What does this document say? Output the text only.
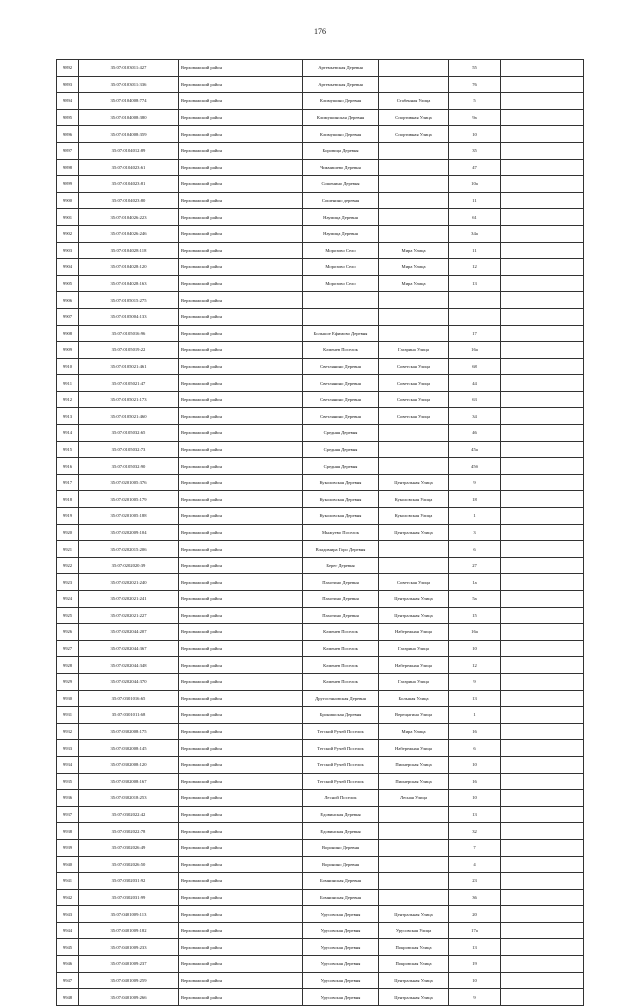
176
9892	35:07:0103011:427	Верховажский район	Артемьевская Деревня		55	
9893	35:07:0103011:336	Верховажский район	Артемьевская Деревня		76	
9894	35:07:0104008:774	Верховажский район	Климушино Деревня	Стабенная Улица	5	
9895	35:07:0104008:380	Верховажский район	Климушинская Деревня	Спортивная Улица	9а	
9896	35:07:0104008:359	Верховажский район	Климушино Деревня	Спортивная Улица	10	
9897	35:07:0104012:89	Верховажский район	Боровица Деревня		35	
9898	35:07:0104023:61	Верховажский район	Чикмишево Деревня		47	
9899	35:07:0104023:81	Верховажский район	Сошенино Деревня		10а	
9900	35:07:0104023:80	Верховажский район	Сошенино деревня		11	
9901	35:07:0104026:223	Верховажский район	Наумица Деревня		61	
9902	35:07:0104026:246	Верховажский район	Наумица Деревня		34а	
9903	35:07:0104028:118	Верховажский район	Морозово Село	Мира Улица	11	
9904	35:07:0104028:120	Верховажский район	Морозово Село	Мира Улица	12	
9905	35:07:0104028:163	Верховажский район	Морозово Село	Мира Улица	13	
9906	35:07:0105015:275	Верховажский район				
9907	35:07:0105004:133	Верховажский район				
9908	35:07:0105016:96	Верховажский район	Большое Ефимово Деревня		17	
9909	35:07:0105019:22	Верховажский район	Клменев Поселок	Гагарина Улица	16а	
9910	35:07:0105021:461	Верховажский район	Светлянино Деревня	Советская Улица	68	
9911	35:07:0105021:47	Верховажский район	Светлянино Деревня	Советская Улица	44	
9912	35:07:0105021:173	Верховажский район	Светлянино Деревня	Советская Улица	63	
9913	35:07:0105021:460	Верховажский район	Светлянино Деревня	Советская Улица	34	
9914	35:07:0105032:65	Верховажский район	Средняя Деревня		46	
9915	35:07:0105032:73	Верховажский район	Средняя Деревня		45а	
9916	35:07:0105032:90	Верховажский район	Средняя Деревня		45б	
9917	35:07:0201005:376	Верховажский район	Куколовская Деревня	Центральная Улица	9	
9918	35:07:0201005:179	Верховажский район	Куколовская Деревня	Куколовская Улица	18	
9919	35:07:0201005:188	Верховажский район	Куколовская Деревня	Куколовская Улица	1	
9920	35:07:0202009:104	Верховажский район	Мыжуево Поселок	Центральная Улица	3	
9921	35:07:0202015:206	Верховажский район	Владимира Горо Деревня		6	
9922	35:07:0202020:39	Верховажский район	Берег Деревня		27	
9923	35:07:0202021:240	Верховажский район	Пахотино Деревня	Советская Улица	1а	
9924	35:07:0202021:241	Верховажский район	Пахотино Деревня	Центральная Улица	5а	
9925	35:07:0202021:227	Верховажский район	Пахотино Деревня	Центральная Улица	15	
9926	35:07:0202044:207	Верховажский район	Клменев Поселок	Набережная Улица	16а	
9927	35:07:0202044:367	Верховажский район	Клменев Поселок	Гагарина Улица	10	
9928	35:07:0202044:348	Верховажский район	Клменев Поселок	Набережная Улица	12	
9929	35:07:0202044:370	Верховажский район	Клменев Поселок	Гагарина Улица	9	
9930	35:07:0301016:65	Верховажский район	Другостяновская Деревня	Большая Улица	13	
9931	35:07:0301011:68	Верховажский район	Бронишская Деревня	Верещагина Улица	1	
9932	35:07:0302008:175	Верховажский район	Тегский Ручей Поселок	Мира Улица	16	
9933	35:07:0302008:145	Верховажский район	Тегский Ручей Поселок	Набережная Улица	6	
9934	35:07:0302008:120	Верховажский район	Тегский Ручей Поселок	Пионерская Улица	10	
9935	35:07:0302008:167	Верховажский район	Тегский Ручей Поселок	Пионерская Улица	16	
9936	35:07:0302018:253	Верховажский район	Лесной Поселок	Лесная Улица	10	
9937	35:07:0302022:42	Верховажский район	Едовинская Деревня		13	
9938	35:07:0302022:78	Верховажский район	Едовинская Деревня		32	
9939	35:07:0302026:49	Верховажский район	Воронино Деревня		7	
9940	35:07:0302026:50	Верховажский район	Воронино Деревня		4	
9941	35:07:0302031:92	Верховажский район	Бомнинская Деревня		23	
9942	35:07:0302031:99	Верховажский район	Бомнинская Деревня		36	
9943	35:07:0401009:113	Верховажский район	Урусовская Деревня	Центральная Улица	20	
9944	35:07:0401009:182	Верховажский район	Урусовская Деревня	Урусовская Улица	17а	
9945	35:07:0401009:233	Верховажский район	Урусовская Деревня	Покровская Улица	13	
9946	35:07:0401009:237	Верховажский район	Урусовская Деревня	Покровская Улица	19	
9947	35:07:0401009:259	Верховажский район	Урусовская Деревня	Центральная Улица	10	
9948	35:07:0401009:266	Верховажский район	Урусовская Деревня	Центральная Улица	9	
